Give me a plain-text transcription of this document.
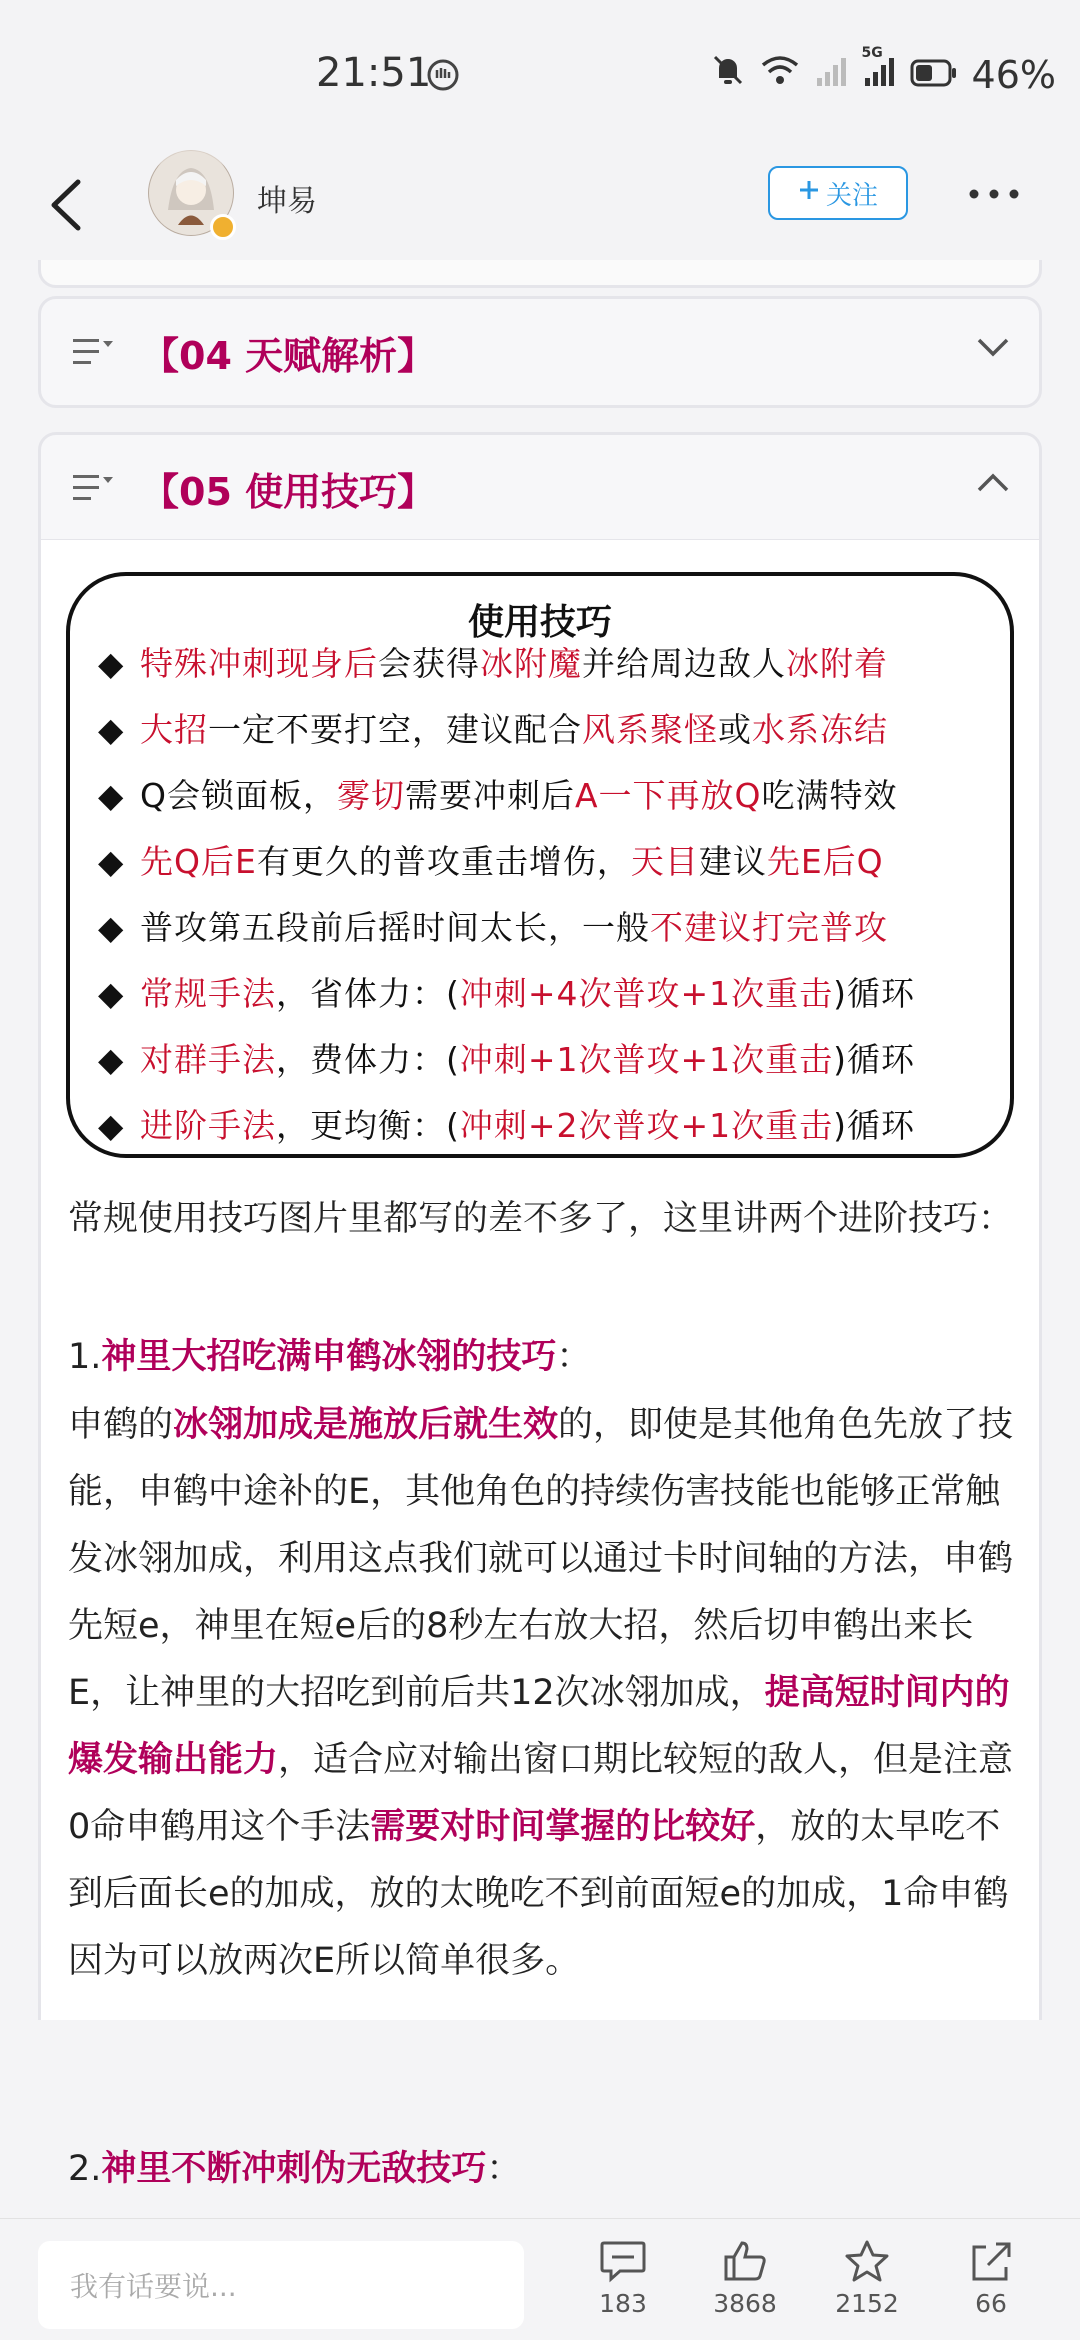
21:51	5G 46%
坤易	关注
【04 天赋解析】
【05 使用技巧】
使用技巧
◆ 特殊冲刺现身后会获得冰附魔并给周边敌人冰附着
◆ 大招一定不要打空，建议配合风系聚怪或水系冻结
◆ Q会锁面板，雾切需要冲刺后A一下再放Q吃满特效
◆ 先Q后E有更久的普攻重击增伤，天目建议先E后Q
◆ 普攻第五段前后摇时间太长，一般不建议打完普攻
◆ 常规手法，省体力：(冲刺+4次普攻+1次重击)循环
◆ 对群手法，费体力：(冲刺+1次普攻+1次重击)循环
◆ 进阶手法，更均衡：(冲刺+2次普攻+1次重击)循环
常规使用技巧图片里都写的差不多了，这里讲两个进阶技巧：
1.神里大招吃满申鹤冰翎的技巧：
申鹤的冰翎加成是施放后就生效的，即使是其他角色先放了技能，申鹤中途补的E，其他角色的持续伤害技能也能够正常触发冰翎加成，利用这点我们就可以通过卡时间轴的方法，申鹤先短e，神里在短e后的8秒左右放大招，然后切申鹤出来长E，让神里的大招吃到前后共12次冰翎加成，提高短时间内的爆发输出能力，适合应对输出窗口期比较短的敌人，但是注意0命申鹤用这个手法需要对时间掌握的比较好，放的太早吃不到后面长e的加成，放的太晚吃不到前面短e的加成，1命申鹤因为可以放两次E所以简单很多。
2.神里不断冲刺伪无敌技巧：
我有话要说...
183	3868	2152	66
